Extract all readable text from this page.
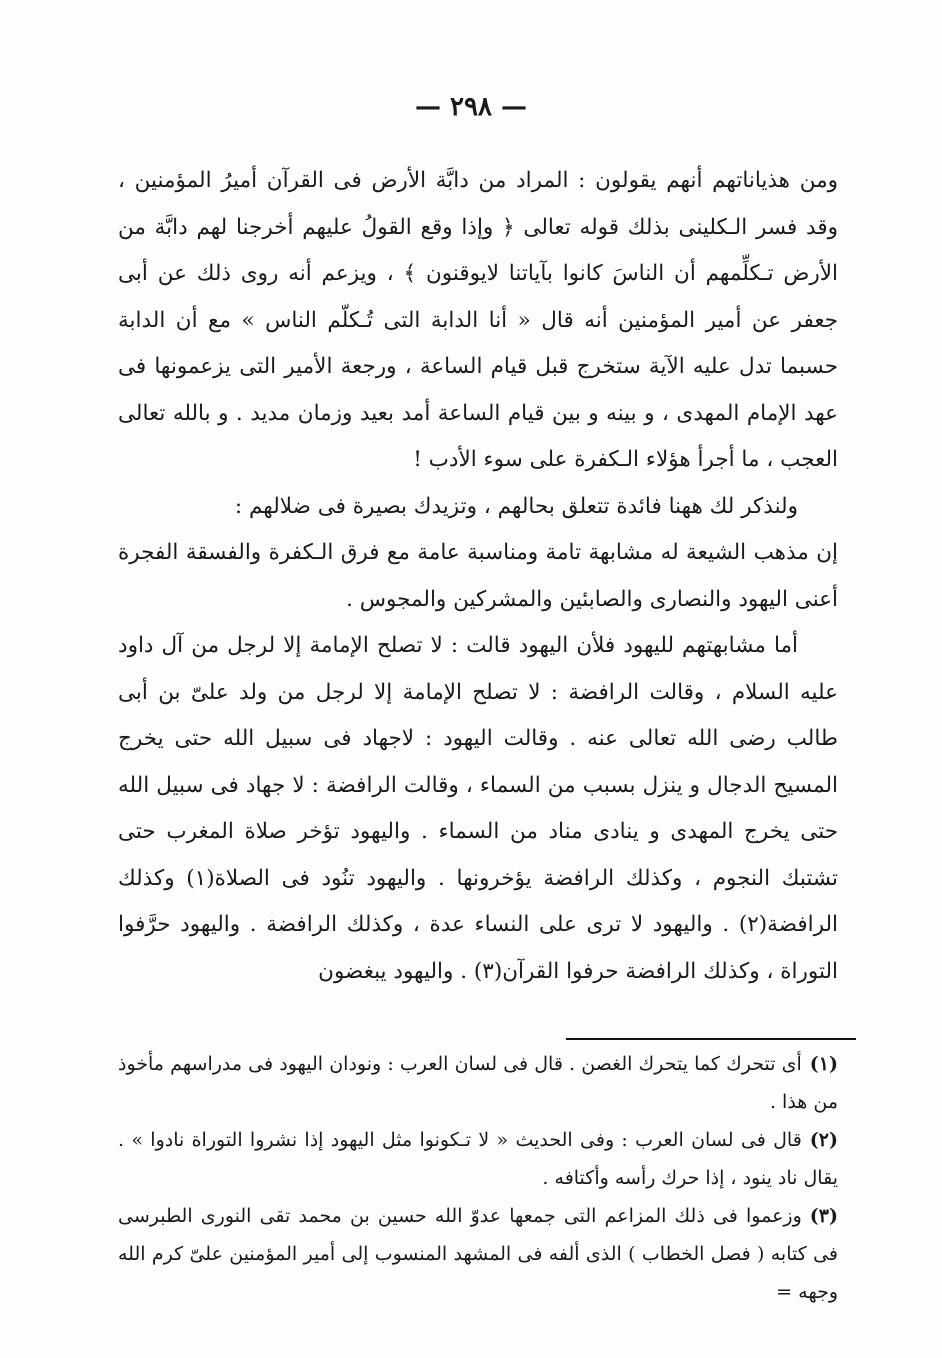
— ٢٩٨ —

ومن هذياناتهم أنهم يقولون : المراد من دابَّة الأرض فى القرآن أميرُ المؤمنين ، وقد فسر الـكلينى بذلك قوله تعالى ﴿ وإذا وقع القولُ عليهم أخرجنا لهم دابَّة من الأرض تـكلِّمهم أن الناسَ كانوا بآياتنا لايوقنون ﴾ ، ويزعم أنه روى ذلك عن أبى جعفر عن أمير المؤمنين أنه قال « أنا الدابة التى تُـكلّم الناس » مع أن الدابة حسبما تدل عليه الآية ستخرج قبل قيام الساعة ، ورجعة الأمير التى يزعمونها فى عهد الإمام المهدى ، و بينه و بين قيام الساعة أمد بعيد وزمان مديد . و بالله تعالى العجب ، ما أجرأ هؤلاء الـكفرة على سوء الأدب !

ولنذكر لك ههنا فائدة تتعلق بحالهم ، وتزيدك بصيرة فى ضلالهم :

إن مذهب الشيعة له مشابهة تامة ومناسبة عامة مع فرق الـكفرة والفسقة الفجرة أعنى اليهود والنصارى والصابئين والمشركين والمجوس .

أما مشابهتهم لليهود فلأن اليهود قالت : لا تصلح الإمامة إلا لرجل من آل داود عليه السلام ، وقالت الرافضة : لا تصلح الإمامة إلا لرجل من ولد علىّ بن أبى طالب رضى الله تعالى عنه . وقالت اليهود : لاجهاد فى سبيل الله حتى يخرج المسيح الدجال و ينزل بسبب من السماء ، وقالت الرافضة : لا جهاد فى سبيل الله حتى يخرج المهدى و ينادى مناد من السماء . واليهود تؤخر صلاة المغرب حتى تشتبك النجوم ، وكذلك الرافضة يؤخرونها . واليهود تنُود فى الصلاة(١) وكذلك الرافضة(٢) . واليهود لا ترى على النساء عدة ، وكذلك الرافضة . واليهود حرَّفوا التوراة ، وكذلك الرافضة حرفوا القرآن(٣) . واليهود يبغضون

(١)أى تتحرك كما يتحرك الغصن . قال فى لسان العرب : ونودان اليهود فى مدراسهم مأخوذ من هذا .

(٢)قال فى لسان العرب : وفى الحديث « لا تـكونوا مثل اليهود إذا نشروا التوراة نادوا » . يقال ناد ينود ، إذا حرك رأسه وأكتافه .

(٣)وزعموا فى ذلك المزاعم التى جمعها عدوّ الله حسين بن محمد تقى النورى الطبرسى فى كتابه ( فصل الخطاب ) الذى ألفه فى المشهد المنسوب إلى أمير المؤمنين علىّ كرم الله وجهه =
